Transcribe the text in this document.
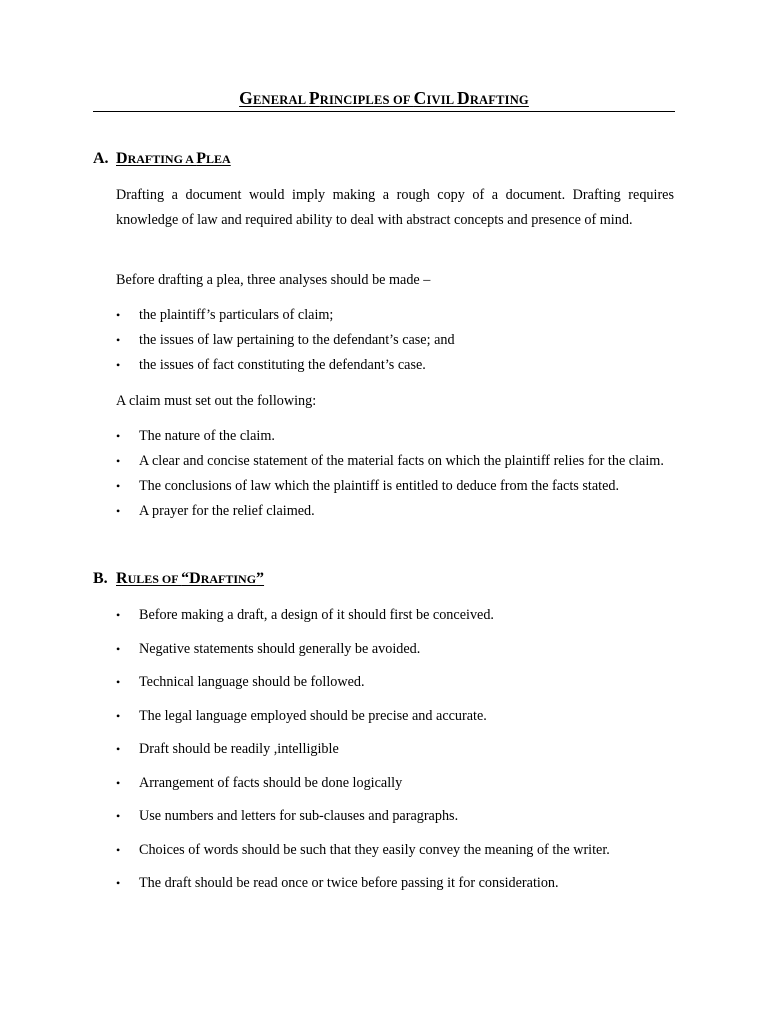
GENERAL PRINCIPLES OF CIVIL DRAFTING
A. DRAFTING A PLEA

Drafting a document would imply making a rough copy of a document. Drafting requires knowledge of law and required ability to deal with abstract concepts and presence of mind.

Before drafting a plea, three analyses should be made –

•	the plaintiff’s particulars of claim;
•	the issues of law pertaining to the defendant’s case; and
•	the issues of fact constituting the defendant’s case.

A claim must set out the following:

•	The nature of the claim.
•	A clear and concise statement of the material facts on which the plaintiff relies for the claim.
•	The conclusions of law which the plaintiff is entitled to deduce from the facts stated.
•	A prayer for the relief claimed.
B. RULES OF “DRAFTING”
•	Before making a draft, a design of it should first be conceived.
•	Negative statements should generally be avoided.
•	Technical language should be followed.
•	The legal language employed should be precise and accurate.
•	Draft should be readily ,intelligible
•	Arrangement of facts should be done logically
•	Use numbers and letters for sub-clauses and paragraphs.
•	Choices of words should be such that they easily convey the meaning of the writer.
•	The draft should be read once or twice before passing it for consideration.
